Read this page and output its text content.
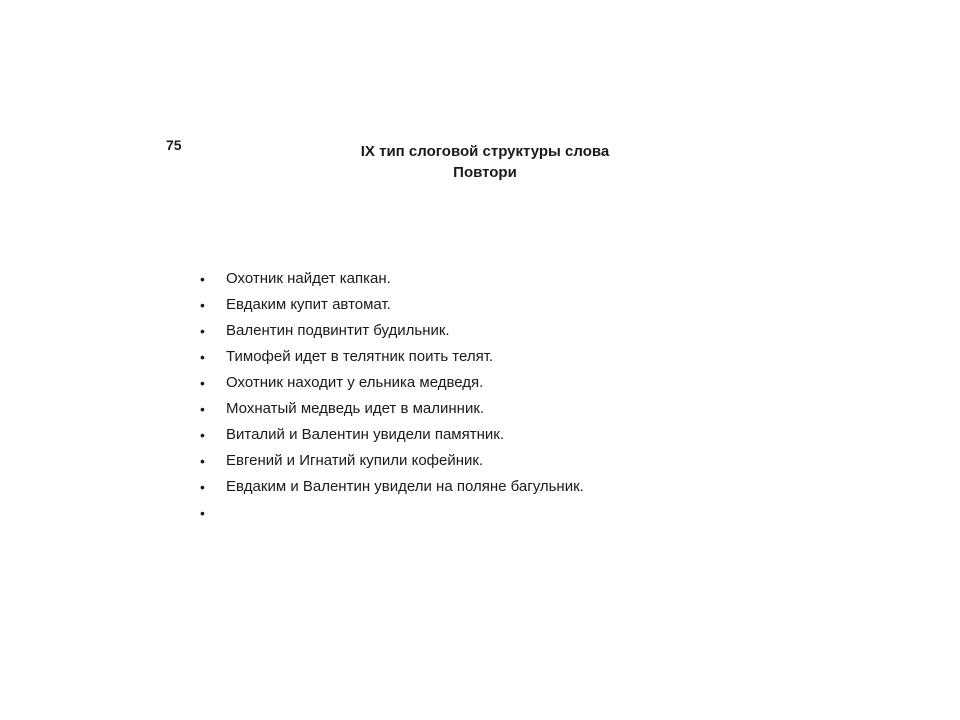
75	IX тип слоговой структуры слова
Повтори
• Охотник найдет капкан.
• Евдаким купит автомат.
• Валентин подвинтит будильник.
• Тимофей идет в телятник поить телят.
• Охотник находит у ельника медведя.
• Мохнатый медведь идет в малинник.
• Виталий и Валентин увидели памятник.
• Евгений и Игнатий купили кофейник.
• Евдаким и Валентин увидели на поляне багульник.
•
